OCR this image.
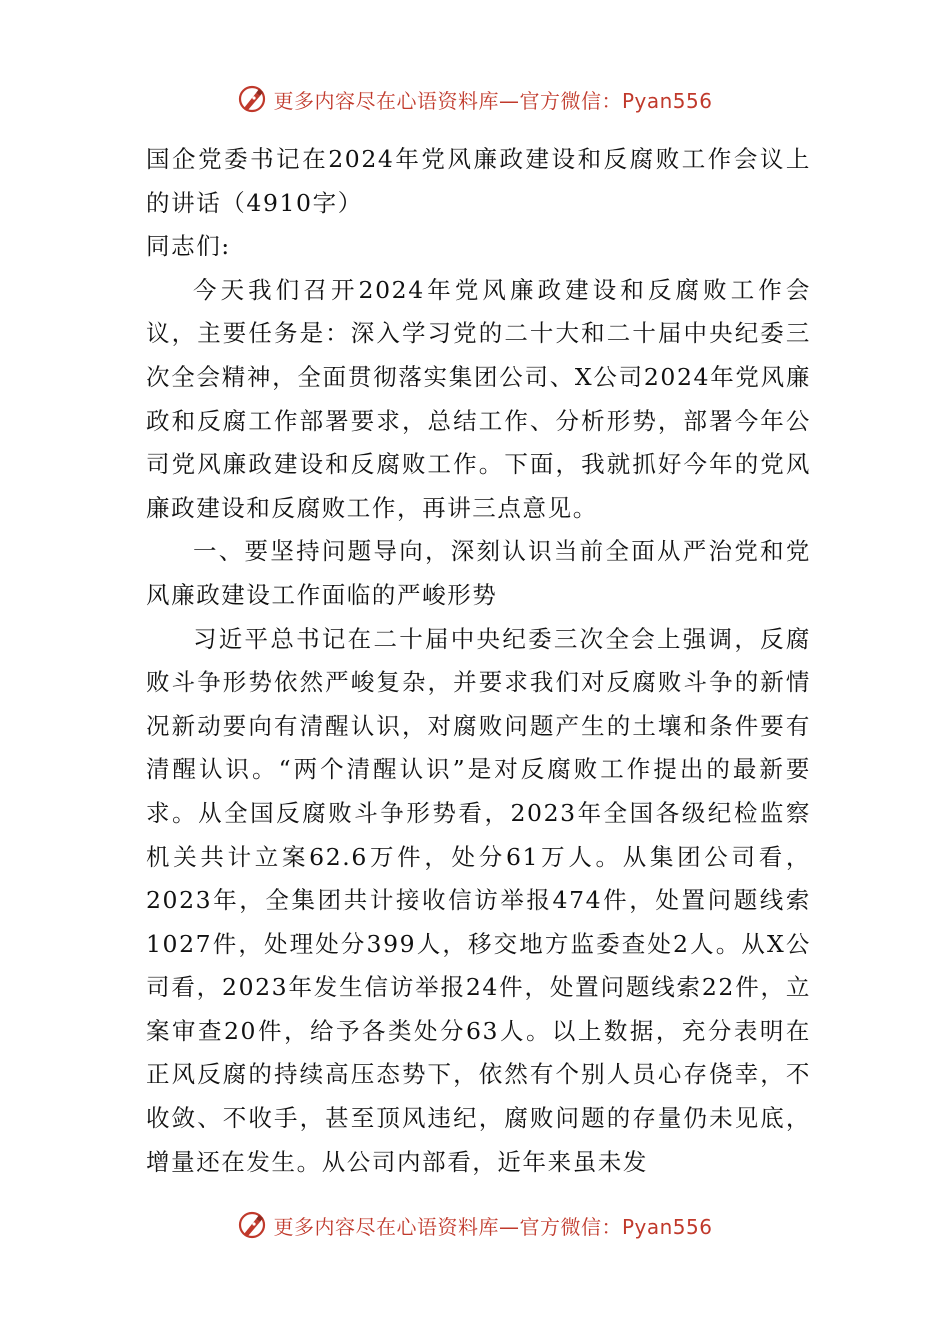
更多内容尽在心语资料库—官方微信：Pyan556

国企党委书记在2024年党风廉政建设和反腐败工作会议上的讲话（4910字）

同志们:

今天我们召开2024年党风廉政建设和反腐败工作会议，主要任务是：深入学习党的二十大和二十届中央纪委三次全会精神，全面贯彻落实集团公司、X公司2024年党风廉政和反腐工作部署要求，总结工作、分析形势，部署今年公司党风廉政建设和反腐败工作。下面，我就抓好今年的党风廉政建设和反腐败工作，再讲三点意见。

一、要坚持问题导向，深刻认识当前全面从严治党和党风廉政建设工作面临的严峻形势

习近平总书记在二十届中央纪委三次全会上强调，反腐败斗争形势依然严峻复杂，并要求我们对反腐败斗争的新情况新动要向有清醒认识，对腐败问题产生的土壤和条件要有清醒认识。“两个清醒认识”是对反腐败工作提出的最新要求。从全国反腐败斗争形势看，2023年全国各级纪检监察机关共计立案62.6万件，处分61万人。从集团公司看，2023年，全集团共计接收信访举报474件，处置问题线索1027件，处理处分399人，移交地方监委查处2人。从X公司看，2023年发生信访举报24件，处置问题线索22件，立案审查20件，给予各类处分63人。以上数据，充分表明在正风反腐的持续高压态势下，依然有个别人员心存侥幸，不收敛、不收手，甚至顶风违纪，腐败问题的存量仍未见底，增量还在发生。从公司内部看，近年来虽未发

更多内容尽在心语资料库—官方微信：Pyan556
